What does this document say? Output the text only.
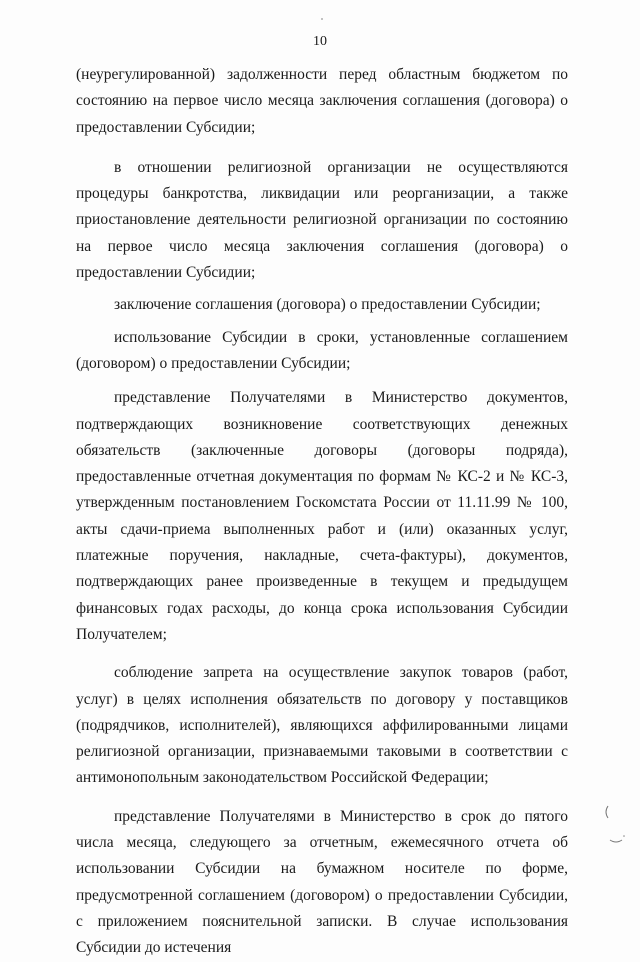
10

(неурегулированной) задолженности перед областным бюджетом по состоянию на первое число месяца заключения соглашения (договора) о предоставлении Субсидии;

в отношении религиозной организации не осуществляются процедуры банкротства, ликвидации или реорганизации, а также приостановление деятельности религиозной организации по состоянию на первое число месяца заключения соглашения (договора) о предоставлении Субсидии;

заключение соглашения (договора) о предоставлении Субсидии;

использование Субсидии в сроки, установленные соглашением (договором) о предоставлении Субсидии;

представление Получателями в Министерство документов, подтверждающих возникновение соответствующих денежных обязательств (заключенные договоры (договоры подряда), предоставленные отчетная документация по формам № КС-2 и № КС-3, утвержденным постановлением Госкомстата России от 11.11.99 № 100, акты сдачи-приема выполненных работ и (или) оказанных услуг, платежные поручения, накладные, счета-фактуры), документов, подтверждающих ранее произведенные в текущем и предыдущем финансовых годах расходы, до конца срока использования Субсидии Получателем;

соблюдение запрета на осуществление закупок товаров (работ, услуг) в целях исполнения обязательств по договору у поставщиков (подрядчиков, исполнителей), являющихся аффилированными лицами религиозной организации, признаваемыми таковыми в соответствии с антимонопольным законодательством Российской Федерации;

представление Получателями в Министерство в срок до пятого числа месяца, следующего за отчетным, ежемесячного отчета об использовании Субсидии на бумажном носителе по форме, предусмотренной соглашением (договором) о предоставлении Субсидии, с приложением пояснительной записки. В случае использования Субсидии до истечения
